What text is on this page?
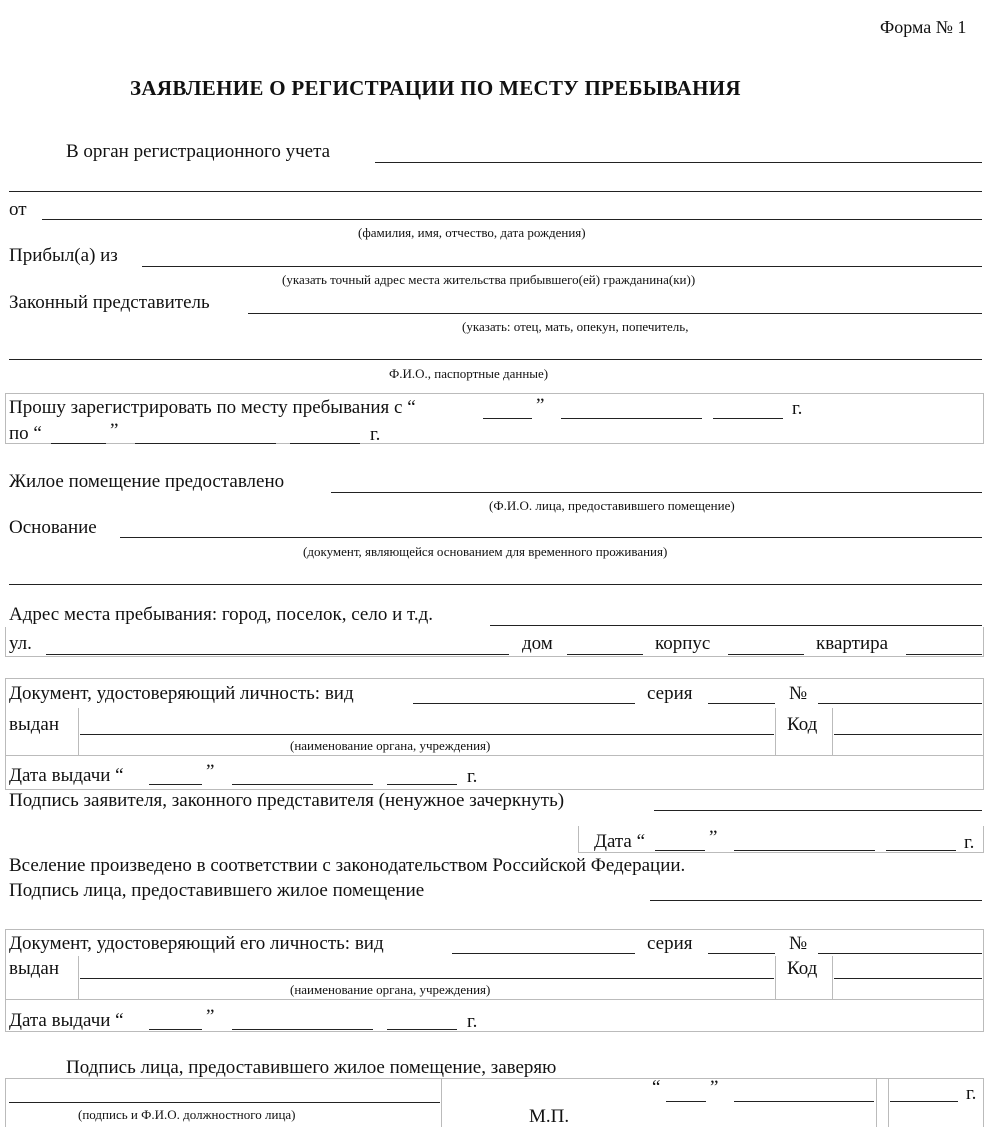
Форма № 1
ЗАЯВЛЕНИЕ О РЕГИСТРАЦИИ ПО МЕСТУ ПРЕБЫВАНИЯ
В орган регистрационного учета
от
(фамилия, имя, отчество, дата рождения)
Прибыл(а) из
(указать точный адрес места жительства прибывшего(ей) гражданина(ки))
Законный представитель
(указать: отец, мать, опекун, попечитель,
Ф.И.О., паспортные данные)
Прошу зарегистрировать по месту пребывания с “	”	г.
по “	”	г.
Жилое помещение предоставлено
(Ф.И.О. лица, предоставившего помещение)
Основание
(документ, являющейся основанием для временного проживания)
Адрес места пребывания: город, поселок, село и т.д.
ул.	дом	корпус	квартира
Документ, удостоверяющий личность: вид	серия	№
выдан	Код
(наименование органа, учреждения)
Дата выдачи “	”	г.
Подпись заявителя, законного представителя (ненужное зачеркнуть)
Дата “	”	г.
Вселение произведено в соответствии с законодательством Российской Федерации.
Подпись лица, предоставившего жилое помещение
Документ, удостоверяющий его личность: вид	серия	№
выдан	Код
(наименование органа, учреждения)
Дата выдачи “	”	г.
Подпись лица, предоставившего жилое помещение, заверяю
(подпись и Ф.И.О. должностного лица)	М.П.
“	”	г.
